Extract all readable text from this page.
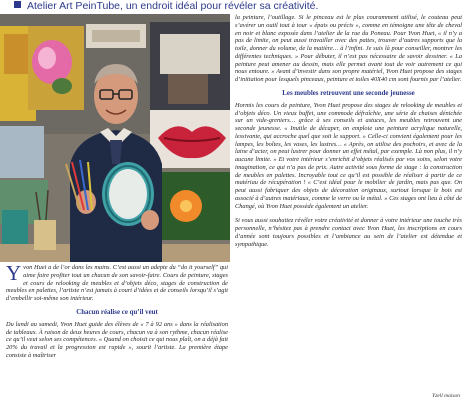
Atelier Art PeinTube, un endroit idéal pour révéler sa créativité.

Yvon Huet a de l’or dans les mains. C’est aussi un adepte du “do it yourself” qui aime faire profiter tout un chacun de son savoir-faire. Cours de peinture, stages et cours de relooking de meubles et d’objets déco, stages de construction de meubles en palettes, l’artiste n’est jamais à court d’idées et de conseils lorsqu’il s’agit d’embellir soi-même son intérieur.

Chacun réalise ce qu’il veut

Du lundi au samedi, Yvon Huet guide des élèves de « 7 à 92 ans » dans la réalisation de tableaux. À raison de deux heures de cours, chacun va à son rythme, chacun réalise ce qu’il veut selon ses compétences. « Quand on choisit ce qui nous plaît, on a déjà fait 20% du travail et la progression est rapide », sourit l’artiste. La première étape consiste à maîtriser

la peinture, l’outillage. Si le pinceau est le plus couramment utilisé, le couteau peut s’avérer un outil tout à tour « épais ou précis », comme en témoigne une tête de cheval en noir et blanc exposée dans l’atelier de la rue du Poneau. Pour Yvon Huet, « il n’y a pas de limite, on peut aussi travailler avec des pattes, trouver d’autres supports que la toile, donner du volume, de la matière… à l’infini. Je suis là pour conseiller, montrer les différentes techniques. » Pour débuter, il n’est pas nécessaire de savoir dessiner. « La peinture peut amener au dessin, mais elle permet avant tout de voir autrement ce qui nous entoure. » Avant d’investir dans son propre matériel, Yvon Huet propose des stages d’initiation pour lesquels pinceaux, peinture et toiles 40X40 cm sont fournis par l’atelier.

Les meubles retrouvent une seconde jeunesse

Hormis les cours de peinture, Yvon Huet propose des stages de relooking de meubles et d’objets déco. Un vieux buffet, une commode défraîchie, une série de chaises dénichée sur un vide-greniers… grâce à ses conseils et astuces, les meubles retrouvent une seconde jeunesse. « Inutile de décaper, on emploie une peinture acrylique naturelle, lessivante, qui accroche quel que soit le support. » Celle-ci convient également pour les lampes, les boîtes, les vases, les lustres… « Après, on utilise des pochoirs, et avec de la laine d’acier, on peut lustrer pour donner un effet métal, par exemple. Là non plus, il n’y aucune limite. » Et votre intérieur s’enrichit d’objets réalisés par vos soins, selon votre imagination, ce qui n’a pas de prix. Autre activité sous forme de stage : la construction de meubles en palettes. Incroyable tout ce qu’il est possible de réaliser à partir de ce matériau de récupération ! « C’est idéal pour le mobilier de jardin, mais pas que. On peut aussi fabriquer des objets de décoration originaux, surtout lorsque le bois est associé à d’autres matériaux, comme le verre ou le métal. » Ces stages ont lieu à côté de Changé, où Yvon Huet possède également un atelier.

Si vous aussi souhaitez révéler votre créativité et donner à votre intérieur une touche très personnelle, n’hésitez pas à prendre contact avec Yvon Huet, les inscriptions en cours d’année sont toujours possibles et l’ambiance au sein de l’atelier est détendue et sympathique.

Yzell maison
